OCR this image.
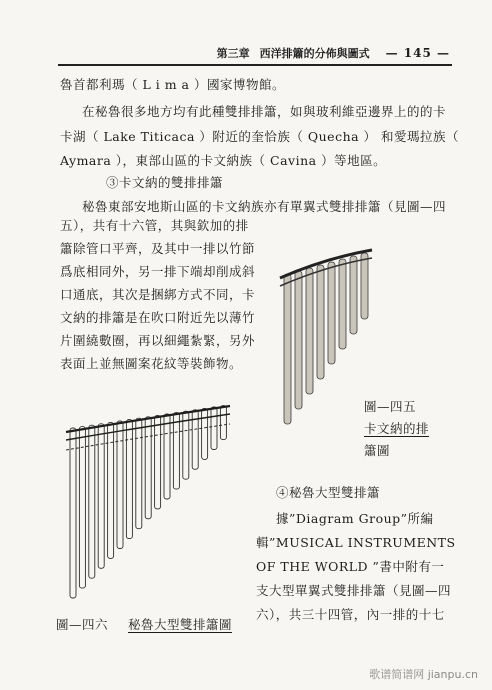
第三章 西洋排簫的分佈與圖式 — 145 —
魯首都利瑪（ L i m a ）國家博物館。
在秘魯很多地方均有此種雙排排簫，如與玻利維亞邊界上的的卡
卡湖（ Lake Titicaca ）附近的奎恰族（ Quecha ） 和愛瑪拉族（
Aymara ），東部山區的卡文納族（ Cavina ）等地區。
③卡文納的雙排排簫
秘魯東部安地斯山區的卡文納族亦有單翼式雙排排簫（見圖—四
五），共有十六管，其與欽加的排
簫除管口平齊，及其中一排以竹節
爲底相同外，另一排下端却削成斜
口通底，其次是捆綁方式不同，卡
文納的排簫是在吹口附近先以薄竹
片圍繞數圈，再以細繩紮緊，另外
表面上並無圖案花紋等裝飾物。
圖—四五
卡文納的排
簫圖
④秘魯大型雙排簫
據”Diagram Group”所編
輯”MUSICAL INSTRUMENTS
OF THE WORLD ”書中附有一
支大型單翼式雙排排簫（見圖—四
六），共三十四管，內一排的十七
圖—四六 秘魯大型雙排簫圖
歌谱简谱网 jianpu.cn
